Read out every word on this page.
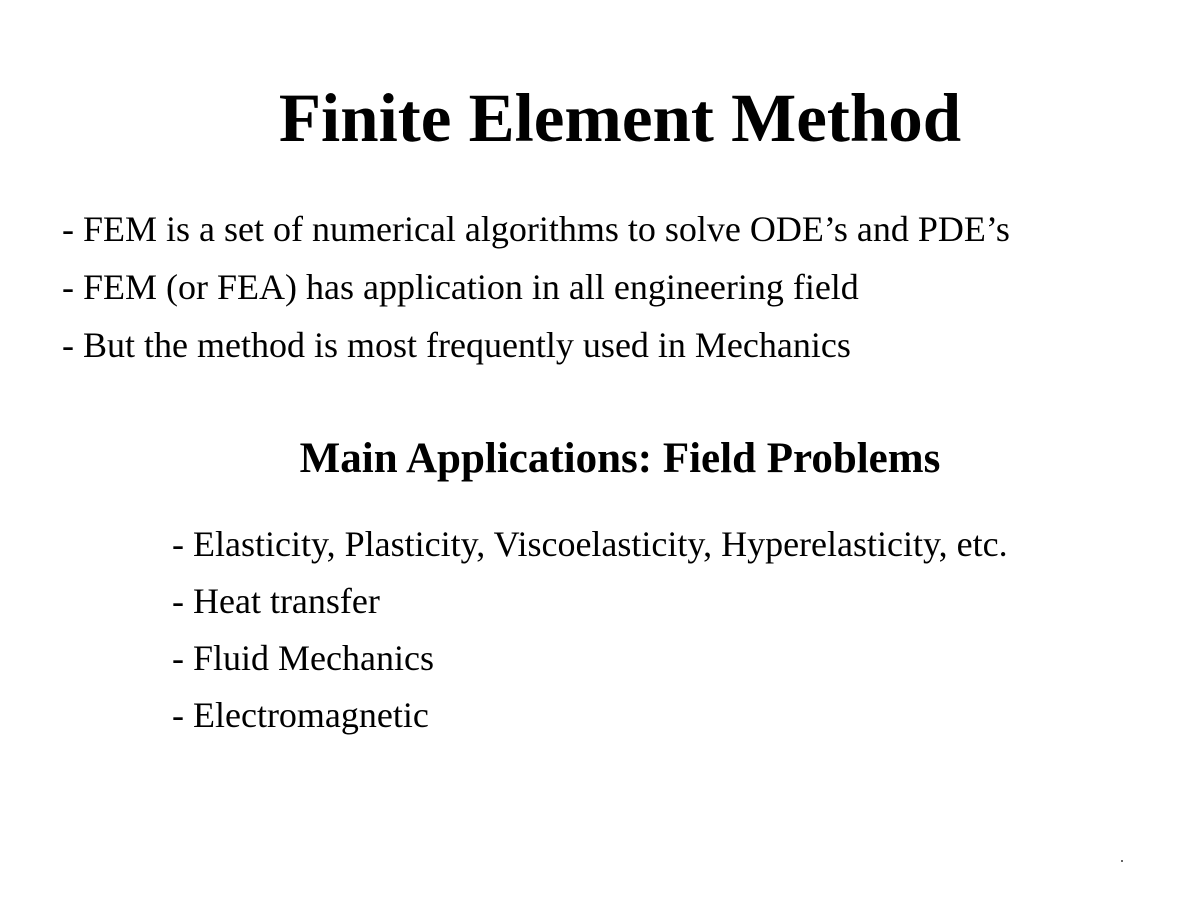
Finite Element Method
- FEM is a set of numerical algorithms to solve ODE’s and PDE’s
- FEM (or FEA) has application in all engineering field
- But the method is most frequently used in Mechanics
Main Applications: Field Problems
- Elasticity, Plasticity, Viscoelasticity, Hyperelasticity, etc.
- Heat transfer
- Fluid Mechanics
- Electromagnetic
